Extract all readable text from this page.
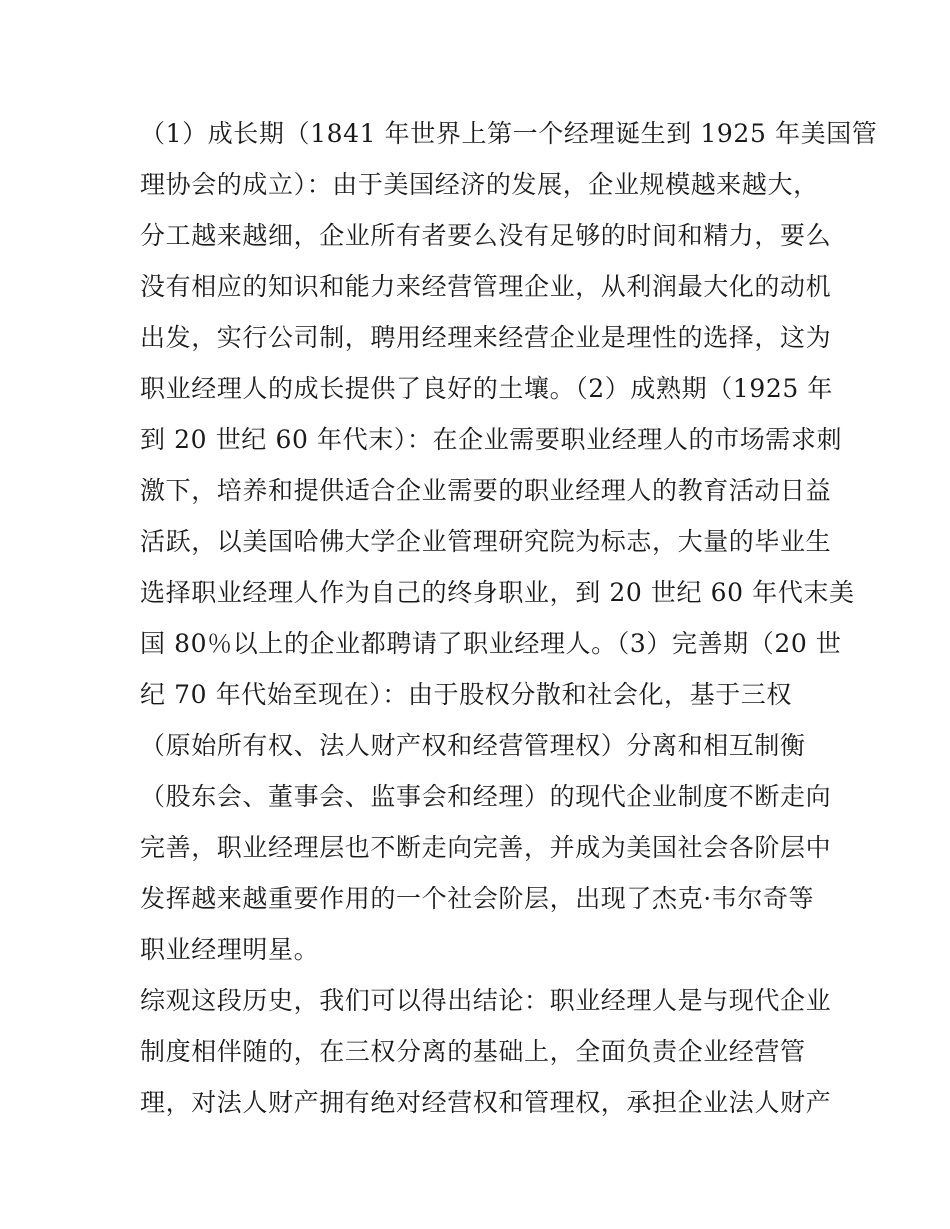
（1）成长期（1841 年世界上第一个经理诞生到 1925 年美国管
理协会的成立）：由于美国经济的发展，企业规模越来越大，
分工越来越细，企业所有者要么没有足够的时间和精力，要么
没有相应的知识和能力来经营管理企业，从利润最大化的动机
出发，实行公司制，聘用经理来经营企业是理性的选择，这为
职业经理人的成长提供了良好的土壤。（2）成熟期（1925 年
到 20 世纪 60 年代末）：在企业需要职业经理人的市场需求刺
激下，培养和提供适合企业需要的职业经理人的教育活动日益
活跃，以美国哈佛大学企业管理研究院为标志，大量的毕业生
选择职业经理人作为自己的终身职业，到 20 世纪 60 年代末美
国 80％以上的企业都聘请了职业经理人。（3）完善期（20 世
纪 70 年代始至现在）：由于股权分散和社会化，基于三权
（原始所有权、法人财产权和经营管理权）分离和相互制衡
（股东会、董事会、监事会和经理）的现代企业制度不断走向
完善，职业经理层也不断走向完善，并成为美国社会各阶层中
发挥越来越重要作用的一个社会阶层，出现了杰克·韦尔奇等
职业经理明星。
综观这段历史，我们可以得出结论：职业经理人是与现代企业
制度相伴随的，在三权分离的基础上，全面负责企业经营管
理，对法人财产拥有绝对经营权和管理权，承担企业法人财产
